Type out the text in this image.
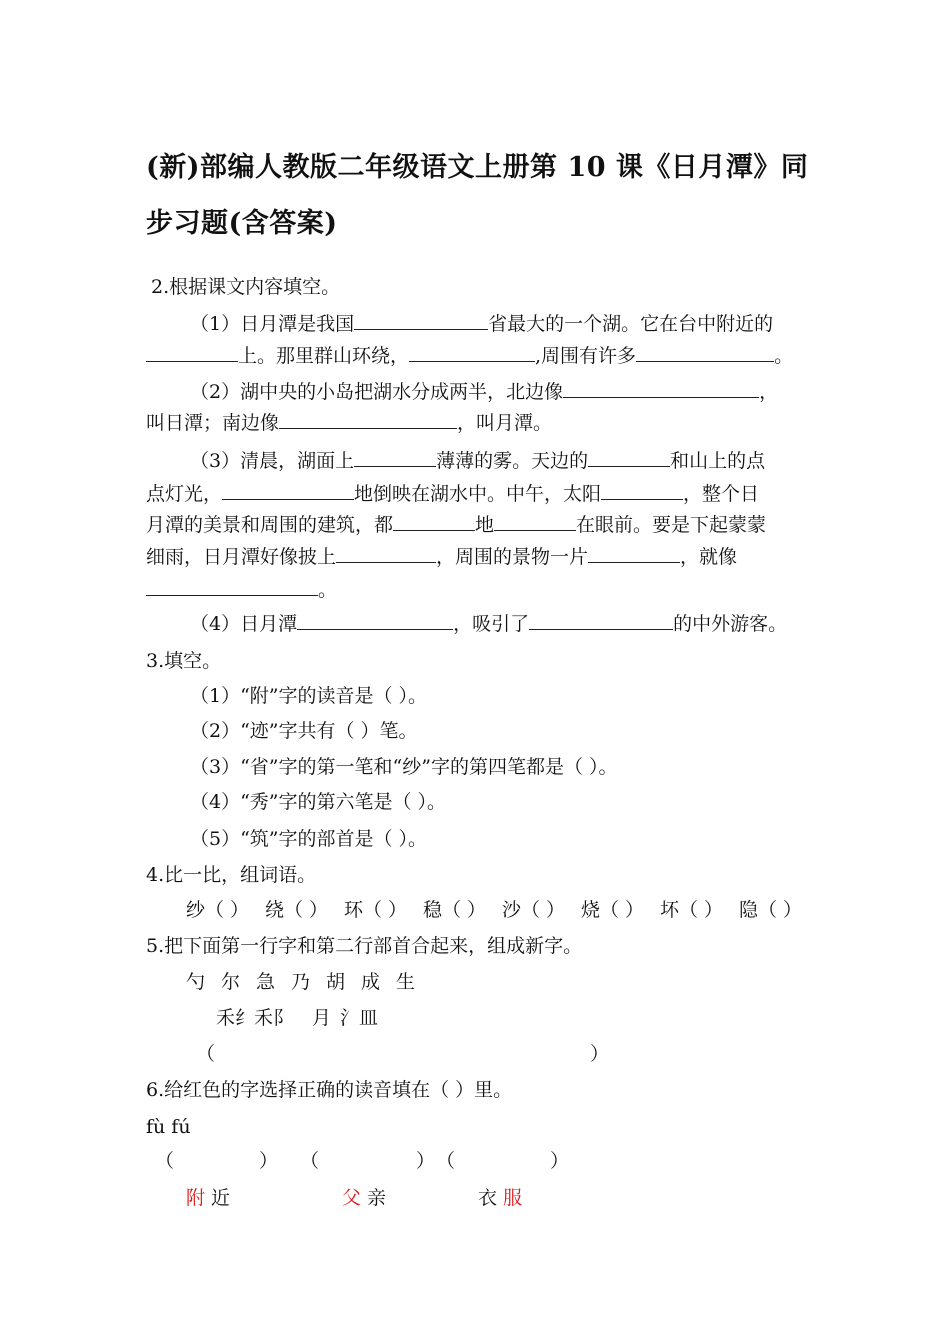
(新)部编人教版二年级语文上册第 10 课《日月潭》同
步习题(含答案)
2.根据课文内容填空。
（1）日月潭是我国	省最大的一个湖。它在台中附近的
上。那里群山环绕，	,周围有许多	。
（2）湖中央的小岛把湖水分成两半，北边像	，
叫日潭；南边像	，叫月潭。
（3）清晨，湖面上	薄薄的雾。天边的	和山上的点
点灯光，	地倒映在湖水中。中午，太阳	，整个日
月潭的美景和周围的建筑，都	地	在眼前。要是下起蒙蒙
细雨，日月潭好像披上	，周围的景物一片	，就像
。
（4）日月潭	，吸引了	的中外游客。
3.填空。
（1）“附”字的读音是（ ）。
（2）“迹”字共有（ ）笔。
（3）“省”字的第一笔和“纱”字的第四笔都是（ ）。
（4）“秀”字的第六笔是（ ）。
（5）“筑”字的部首是（ ）。
4.比一比，组词语。
纱（ ） 绕（ ） 环（ ） 稳（ ） 沙（ ） 烧（ ） 坏（ ） 隐（ ）
5.把下面第一行字和第二行部首合起来，组成新字。
勺 尔 急 乃 胡 成 生
禾纟禾阝 月 氵皿
（	）
6.给红色的字选择正确的读音填在（ ）里。
fù fú
（	） （	） （	）
附 近	父 亲	衣 服
